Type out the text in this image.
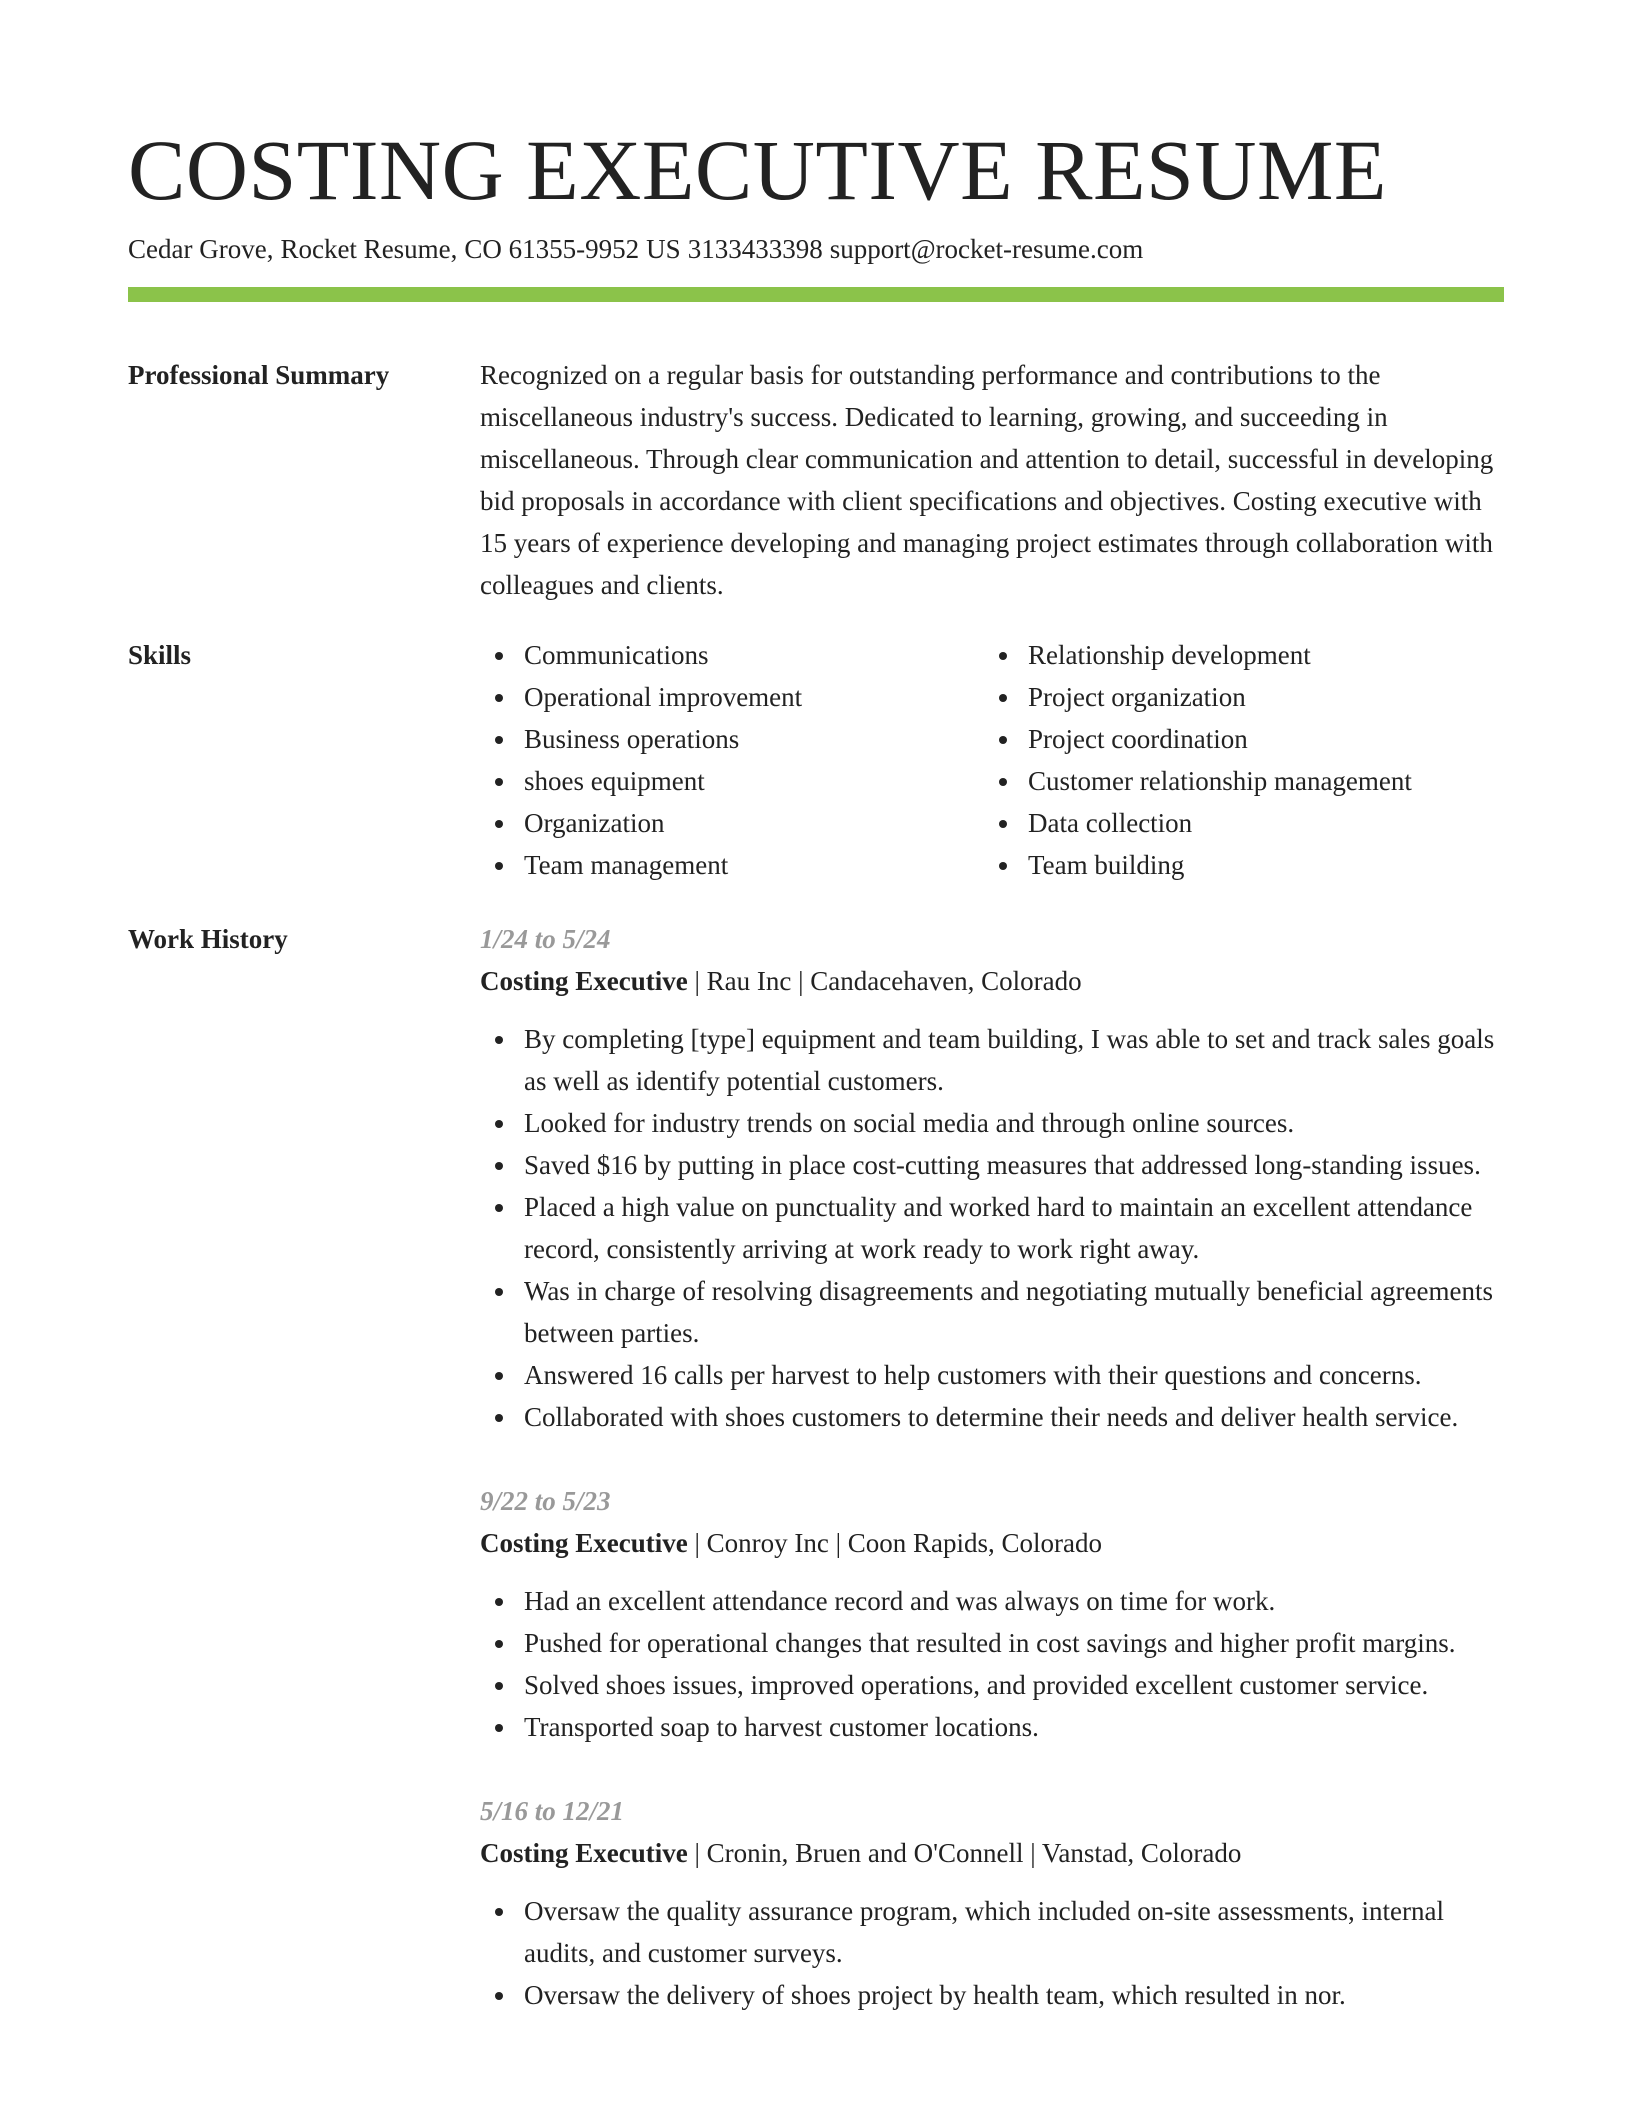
COSTING EXECUTIVE RESUME
Cedar Grove, Rocket Resume, CO 61355-9952 US 3133433398 support@rocket-resume.com
Professional Summary	Recognized on a regular basis for outstanding performance and contributions to the miscellaneous industry's success. Dedicated to learning, growing, and succeeding in miscellaneous. Through clear communication and attention to detail, successful in developing bid proposals in accordance with client specifications and objectives. Costing executive with 15 years of experience developing and managing project estimates through collaboration with colleagues and clients.

Skills	Communications
Operational improvement
Business operations
shoes equipment
Organization
Team management
Relationship development
Project organization
Project coordination
Customer relationship management
Data collection
Team building
Work History	1/24 to 5/24
Costing Executive | Rau Inc | Candacehaven, Colorado
By completing [type] equipment and team building, I was able to set and track sales goals as well as identify potential customers.
Looked for industry trends on social media and through online sources.
Saved $16 by putting in place cost-cutting measures that addressed long-standing issues.
Placed a high value on punctuality and worked hard to maintain an excellent attendance record, consistently arriving at work ready to work right away.
Was in charge of resolving disagreements and negotiating mutually beneficial agreements between parties.
Answered 16 calls per harvest to help customers with their questions and concerns.
Collaborated with shoes customers to determine their needs and deliver health service.
9/22 to 5/23
Costing Executive | Conroy Inc | Coon Rapids, Colorado
Had an excellent attendance record and was always on time for work.
Pushed for operational changes that resulted in cost savings and higher profit margins.
Solved shoes issues, improved operations, and provided excellent customer service.
Transported soap to harvest customer locations.
5/16 to 12/21
Costing Executive | Cronin, Bruen and O'Connell | Vanstad, Colorado
Oversaw the quality assurance program, which included on-site assessments, internal audits, and customer surveys.
Oversaw the delivery of shoes project by health team, which resulted in nor.
